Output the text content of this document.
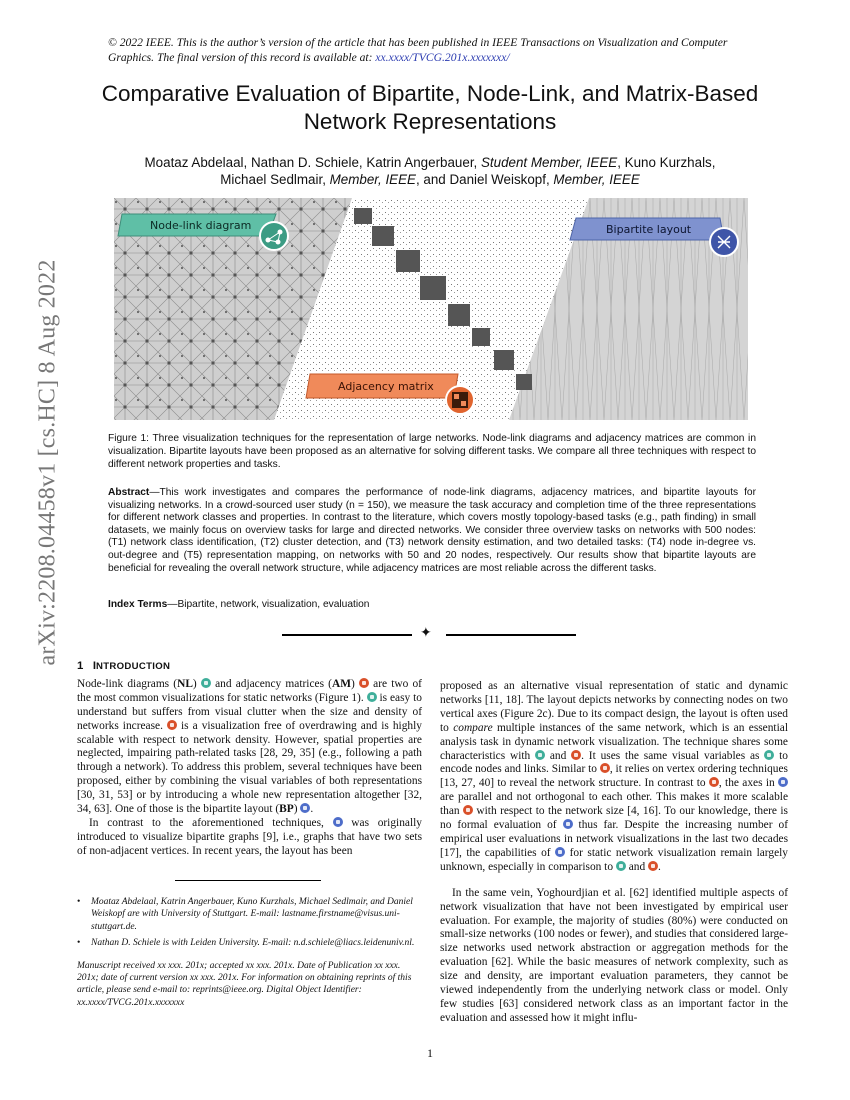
arXiv:2208.04458v1 [cs.HC] 8 Aug 2022
© 2022 IEEE. This is the author’s version of the article that has been published in IEEE Transactions on Visualization and Computer Graphics. The final version of this record is available at: xx.xxxx/TVCG.201x.xxxxxxx/
Comparative Evaluation of Bipartite, Node-Link, and Matrix-Based Network Representations
Moataz Abdelaal, Nathan D. Schiele, Katrin Angerbauer, Student Member, IEEE, Kuno Kurzhals,
Michael Sedlmair, Member, IEEE, and Daniel Weiskopf, Member, IEEE
Node-link diagram	Bipartite layout
Adjacency matrix
Figure 1: Three visualization techniques for the representation of large networks. Node-link diagrams and adjacency matrices are common in visualization. Bipartite layouts have been proposed as an alternative for solving different tasks. We compare all three techniques with respect to different network properties and tasks.
Abstract—This work investigates and compares the performance of node-link diagrams, adjacency matrices, and bipartite layouts for visualizing networks. In a crowd-sourced user study (n = 150), we measure the task accuracy and completion time of the three representations for different network classes and properties. In contrast to the literature, which covers mostly topology-based tasks (e.g., path finding) in small datasets, we mainly focus on overview tasks for large and directed networks. We consider three overview tasks on networks with 500 nodes: (T1) network class identification, (T2) cluster detection, and (T3) network density estimation, and two detailed tasks: (T4) node in-degree vs. out-degree and (T5) representation mapping, on networks with 50 and 20 nodes, respectively. Our results show that bipartite layouts are beneficial for revealing the overall network structure, while adjacency matrices are most reliable across the different tasks.
Index Terms—Bipartite, network, visualization, evaluation
✦

1 INTRODUCTION

Node-link diagrams (NL)  and adjacency matrices (AM)  are two of the most common visualizations for static networks (Figure 1).  is easy to understand but suffers from visual clutter when the size and density of networks increase.  is a visualization free of overdrawing and is highly scalable with respect to network density. However, spatial properties are neglected, impairing path-related tasks [28, 29, 35] (e.g., following a path through a network). To address this problem, several techniques have been proposed, either by combining the visual variables of both representations [30, 31, 53] or by introducing a whole new representation altogether [32, 34, 63]. One of those is the bipartite layout (BP) .

In contrast to the aforementioned techniques,  was originally introduced to visualize bipartite graphs [9], i.e., graphs that have two sets of non-adjacent vertices. In recent years, the layout has been

• Moataz Abdelaal, Katrin Angerbauer, Kuno Kurzhals, Michael Sedlmair, and Daniel Weiskopf are with University of Stuttgart. E-mail: lastname.firstname@visus.uni-stuttgart.de.
• Nathan D. Schiele is with Leiden University. E-mail: n.d.schiele@liacs.leidenuniv.nl.
Manuscript received xx xxx. 201x; accepted xx xxx. 201x. Date of Publication xx xxx. 201x; date of current version xx xxx. 201x. For information on obtaining reprints of this article, please send e-mail to: reprints@ieee.org. Digital Object Identifier: xx.xxxx/TVCG.201x.xxxxxxx

proposed as an alternative visual representation of static and dynamic networks [11, 18]. The layout depicts networks by connecting nodes on two vertical axes (Figure 2c). Due to its compact design, the layout is often used to compare multiple instances of the same network, which is an essential analysis task in dynamic network visualization. The technique shares some characteristics with  and . It uses the same visual variables as  to encode nodes and links. Similar to , it relies on vertex ordering techniques [13, 27, 40] to reveal the network structure. In contrast to , the axes in  are parallel and not orthogonal to each other. This makes it more scalable than  with respect to the network size [4, 16]. To our knowledge, there is no formal evaluation of  thus far. Despite the increasing number of empirical user evaluations in network visualizations in the last two decades [17], the capabilities of  for static network visualization remain largely unknown, especially in comparison to  and .

In the same vein, Yoghourdjian et al. [62] identified multiple aspects of network visualization that have not been investigated by empirical user evaluation. For example, the majority of studies (80%) were conducted on small-size networks (100 nodes or fewer), and studies that considered large-size networks used network abstraction or aggregation methods for the evaluation [62]. While the basic measures of network complexity, such as size and density, are important evaluation parameters, they cannot be viewed independently from the underlying network class or model. Only few studies [63] considered network class as an important factor in the evaluation and assessed how it might influ-

1
